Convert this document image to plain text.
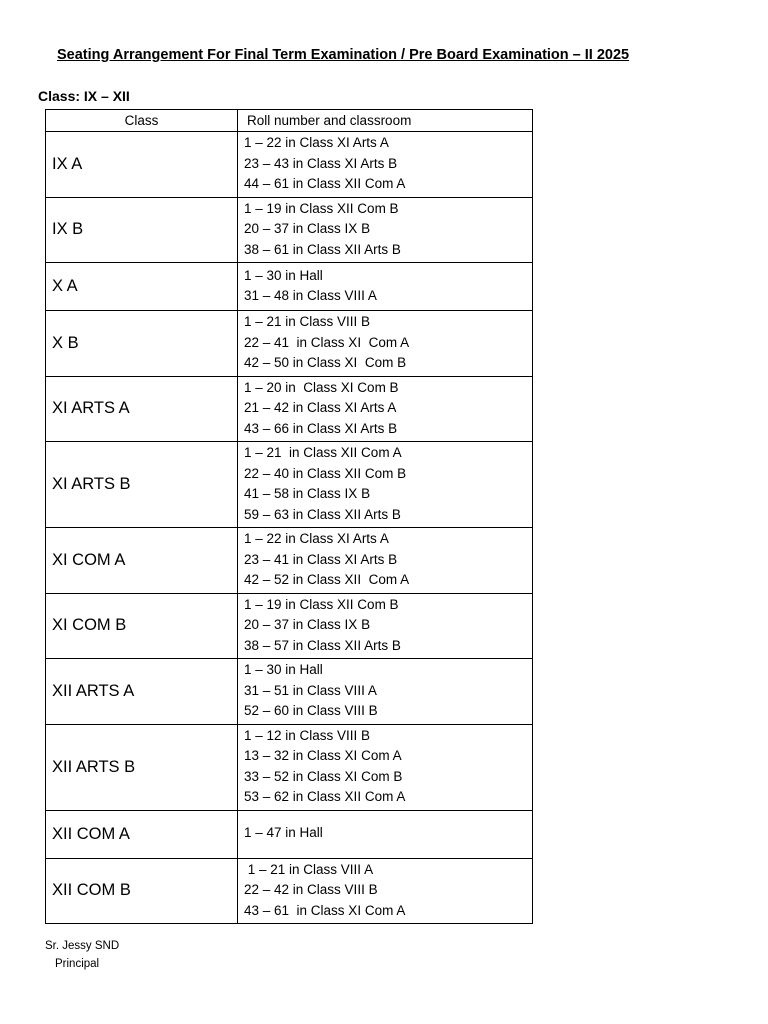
Seating Arrangement For Final Term Examination / Pre Board Examination – II 2025
Class: IX – XII
Class	Roll number and classroom
IX A	1 – 22 in Class XI Arts A
23 – 43 in Class XI Arts B
44 – 61 in Class XII Com A

IX B	1 – 19 in Class XII Com B
20 – 37 in Class IX B
38 – 61 in Class XII Arts B

X A	1 – 30 in Hall
31 – 48 in Class VIII A

X B	1 – 21 in Class VIII B
22 – 41  in Class XI  Com A
42 – 50 in Class XI  Com B

XI ARTS A	1 – 20 in  Class XI Com B
21 – 42 in Class XI Arts A
43 – 66 in Class XI Arts B

XI ARTS B	1 – 21  in Class XII Com A
22 – 40 in Class XII Com B
41 – 58 in Class IX B
59 – 63 in Class XII Arts B

XI COM A	1 – 22 in Class XI Arts A
23 – 41 in Class XI Arts B
42 – 52 in Class XII  Com A

XI COM B	1 – 19 in Class XII Com B
20 – 37 in Class IX B
38 – 57 in Class XII Arts B

XII ARTS A	1 – 30 in Hall
31 – 51 in Class VIII A
52 – 60 in Class VIII B

XII ARTS B	1 – 12 in Class VIII B
13 – 32 in Class XI Com A
33 – 52 in Class XI Com B
53 – 62 in Class XII Com A

XII COM A	1 – 47 in Hall

XII COM B	1 – 21 in Class VIII A
22 – 42 in Class VIII B
43 – 61  in Class XI Com A
Sr. Jessy SND
Principal
